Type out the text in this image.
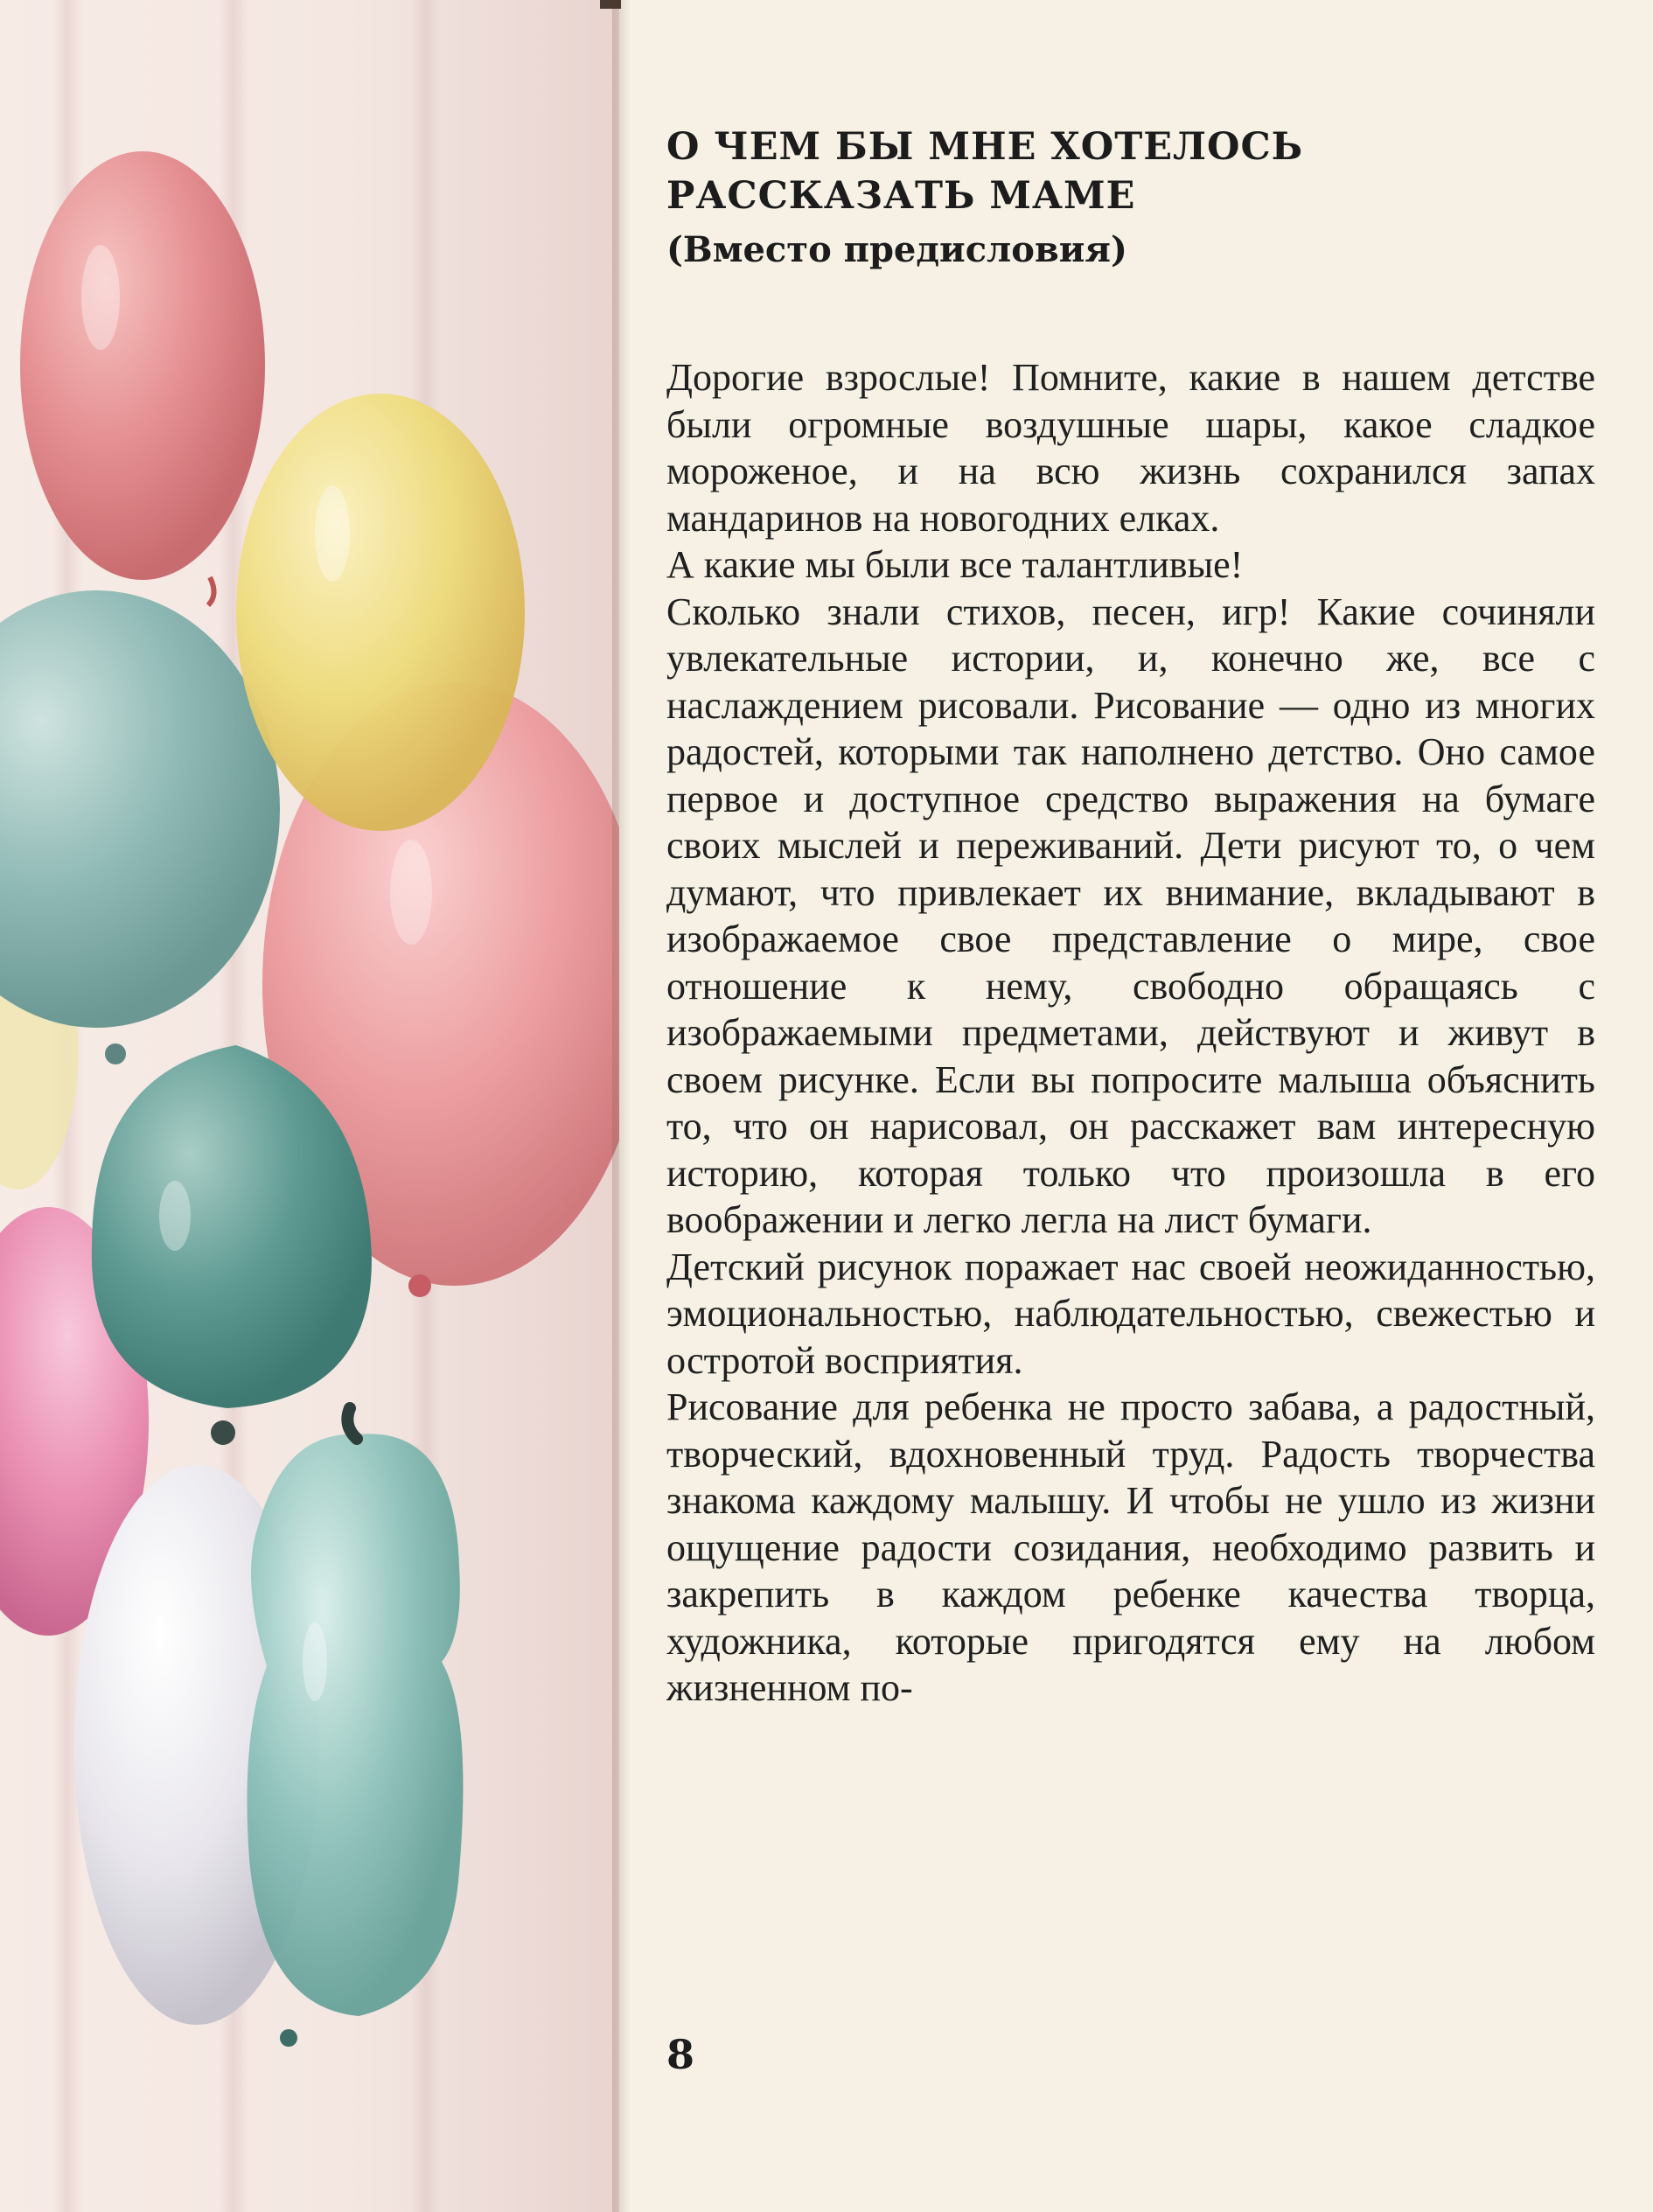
О ЧЕМ БЫ МНЕ ХОТЕЛОСЬ
РАССКАЗАТЬ МАМЕ
(Вместо предисловия)

Дорогие взрослые! Помните, какие в нашем детстве были огромные воздушные шары, какое сладкое мороженое, и на всю жизнь сохранился запах мандаринов на новогодних елках.

А какие мы были все талантливые!

Сколько знали стихов, песен, игр! Какие сочиняли увлекательные истории, и, конечно же, все с наслаждением рисовали. Рисование — одно из многих радостей, которыми так наполнено детство. Оно самое первое и доступное средство выражения на бумаге своих мыслей и переживаний. Дети рисуют то, о чем думают, что привлекает их внимание, вкладывают в изображаемое свое представление о мире, свое отношение к нему, свободно обращаясь с изображаемыми предметами, действуют и живут в своем рисунке. Если вы попросите малыша объяснить то, что он нарисовал, он расскажет вам интересную историю, которая только что произошла в его воображении и легко легла на лист бумаги.

Детский рисунок поражает нас своей неожиданностью, эмоциональностью, наблюдательностью, свежестью и остротой восприятия.

Рисование для ребенка не просто забава, а радостный, творческий, вдохновенный труд. Радость творчества знакома каждому малышу. И чтобы не ушло из жизни ощущение радости созидания, необходимо развить и закрепить в каждом ребенке качества творца, художника, которые пригодятся ему на любом жизненном по-

8
